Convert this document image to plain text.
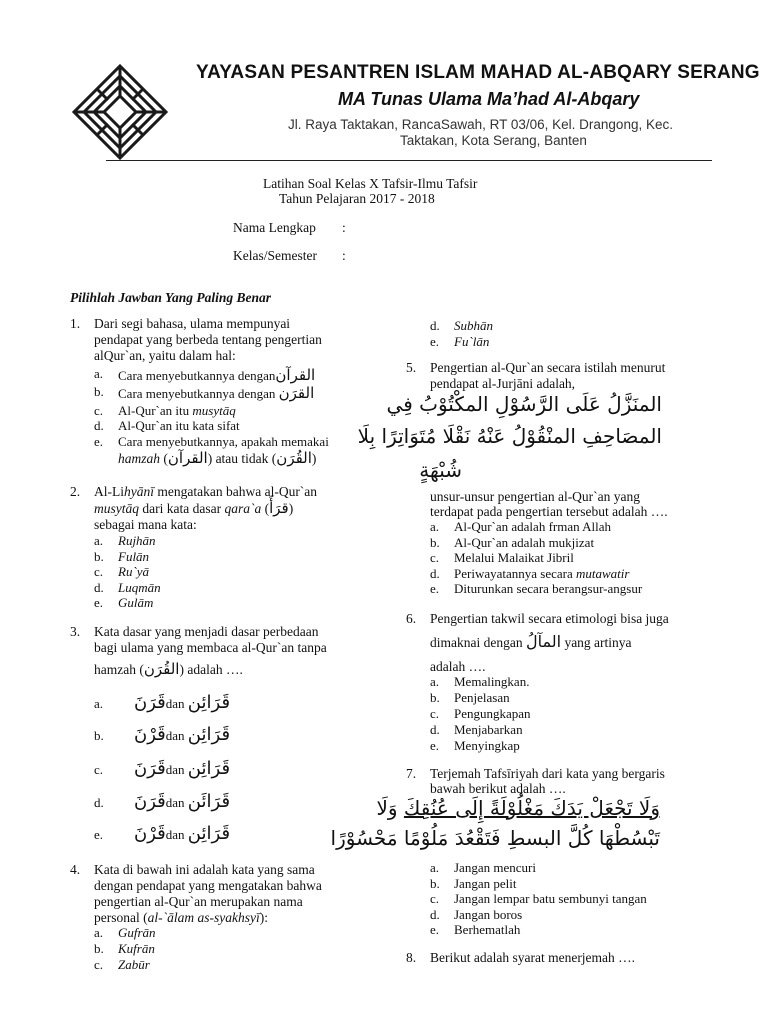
YAYASAN PESANTREN ISLAM MAHAD AL-ABQARY SERANG
MA Tunas Ulama Ma’had Al-Abqary
Jl. Raya Taktakan, RancaSawah, RT 03/06, Kel. Drangong, Kec.
Taktakan, Kota Serang, Banten
Latihan Soal Kelas X Tafsir-Ilmu Tafsir
Tahun Pelajaran 2017 - 2018
Nama Lengkap :
Kelas/Semester :
Pilihlah Jawban Yang Paling Benar
1. Dari segi bahasa, ulama mempunyai
pendapat yang berbeda tentang pengertian
alQur`an, yaitu dalam hal:
a. Cara menyebutkannya denganالقرآن
b. Cara menyebutkannya dengan القرَن
c. Al-Qur`an itu musytāq
d. Al-Qur`an itu kata sifat
e. Cara menyebutkannya, apakah memakai
hamzah (القرآن) atau tidak (القُرَن)
2. Al-Lihyānī mengatakan bahwa al-Qur`an
musytāq dari kata dasar qara`a (قرَأَ)
sebagai mana kata:
a. Rujhān
b. Fulān
c. Ru`yā
d. Luqmān
e. Gulām
3. Kata dasar yang menjadi dasar perbedaan
bagi ulama yang membaca al-Qur`an tanpa
hamzah (القُرَن) adalah ….
a. قَرَنَdan قَرَائِن
b. قَرْنَdan قَرَائِن
c. قَرَنَdan قَرَائِن
d. قَرَنَdan قَرَائَن
e. قَرْنَdan قَرَائِن
4. Kata di bawah ini adalah kata yang sama
dengan pendapat yang mengatakan bahwa
pengertian al-Qur`an merupakan nama
personal (al-`ālam as-syakhsyī):
a. Gufrān
b. Kufrān
c. Zabūr
d. Subhān
e. Fu`lān
5. Pengertian al-Qur`an secara istilah menurut
pendapat al-Jurjāni adalah,
المنَزَّلُ عَلَى الرَّسُوْلِ المكْتُوْبُ فِي
المصَاحِفِ المنْقُوْلُ عَنْهُ نَقْلَا مُتَوَاتِرًا بِلَا
شُبْهَةٍ
unsur-unsur pengertian al-Qur`an yang
terdapat pada pengertian tersebut adalah ….
a. Al-Qur`an adalah frman Allah
b. Al-Qur`an adalah mukjizat
c. Melalui Malaikat Jibril
d. Periwayatannya secara mutawatir
e. Diturunkan secara berangsur-angsur
6. Pengertian takwil secara etimologi bisa juga
dimaknai dengan المآلُ yang artinya
adalah ….
a. Memalingkan.
b. Penjelasan
c. Pengungkapan
d. Menjabarkan
e. Menyingkap
7. Terjemah Tafsīriyah dari kata yang bergaris
bawah berikut adalah ….
وَلَا تَجْعَلْ يَدَكَ مَغْلُوْلَةً إِلَى عُنُقِكَ وَلَا
تَبْسُطْهَا كُلَّ البسطِ فَتَقْعُدَ مَلُوْمًا مَحْسُوْرًا
a. Jangan mencuri
b. Jangan pelit
c. Jangan lempar batu sembunyi tangan
d. Jangan boros
e. Berhematlah
8. Berikut adalah syarat menerjemah ….
